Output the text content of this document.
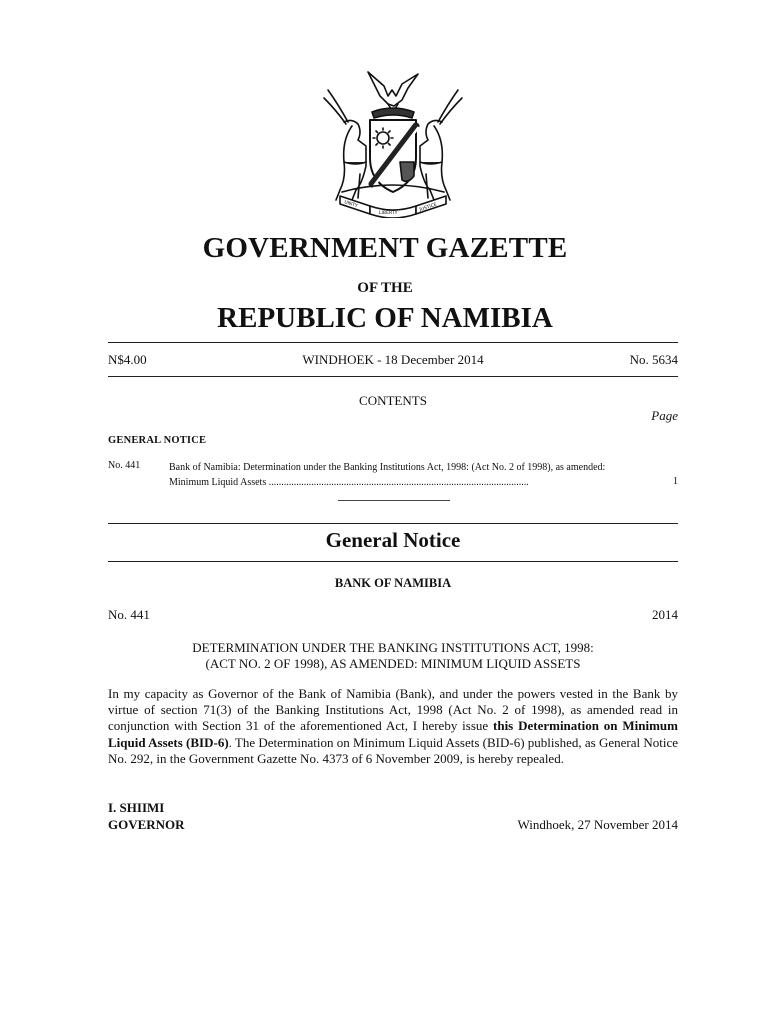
UNITY
LIBERTY
JUSTICE
GOVERNMENT GAZETTE
OF THE
REPUBLIC OF NAMIBIA
N$4.00	WINDHOEK - 18 December 2014	No. 5634
CONTENTS
Page
GENERAL NOTICE
No. 441	Bank of Namibia: Determination under the Banking Institutions Act, 1998: (Act No. 2 of 1998), as amended: Minimum Liquid Assets ........................................................................................................	1
General Notice
BANK OF NAMIBIA
No. 441	2014
DETERMINATION UNDER THE BANKING INSTITUTIONS ACT, 1998:
(ACT NO. 2 OF 1998), AS AMENDED: MINIMUM LIQUID ASSETS
In my capacity as Governor of the Bank of Namibia (Bank), and under the powers vested in the Bank by virtue of section 71(3) of the Banking Institutions Act, 1998 (Act No. 2 of 1998), as amended read in conjunction with Section 31 of the aforementioned Act, I hereby issue this Determination on Minimum Liquid Assets (BID-6). The Determination on Minimum Liquid Assets (BID-6) published, as General Notice No. 292, in the Government Gazette No. 4373 of 6 November 2009, is hereby repealed.
I. SHIIMI
GOVERNOR	Windhoek, 27 November 2014
